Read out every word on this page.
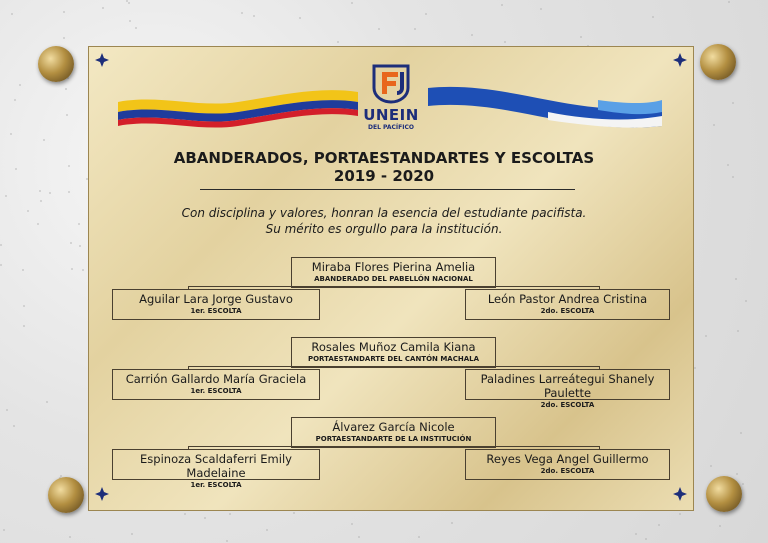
UNEIN
DEL PACÍFICO
ABANDERADOS, PORTAESTANDARTES Y ESCOLTAS
2019 - 2020
Con disciplina y valores, honran la esencia del estudiante pacifista.
Su mérito es orgullo para la institución.
Miraba Flores Pierina Amelia
ABANDERADO DEL PABELLÓN NACIONAL
Aguilar Lara Jorge Gustavo
1er. ESCOLTA
León Pastor Andrea Cristina
2do. ESCOLTA
Rosales Muñoz Camila Kiana
PORTAESTANDARTE DEL CANTÓN MACHALA
Carrión Gallardo María Graciela
1er. ESCOLTA
Paladines Larreátegui Shanely Paulette
2do. ESCOLTA
Álvarez García Nicole
PORTAESTANDARTE DE LA INSTITUCIÓN
Espinoza Scaldaferri Emily Madelaine
1er. ESCOLTA
Reyes Vega Angel Guillermo
2do. ESCOLTA
